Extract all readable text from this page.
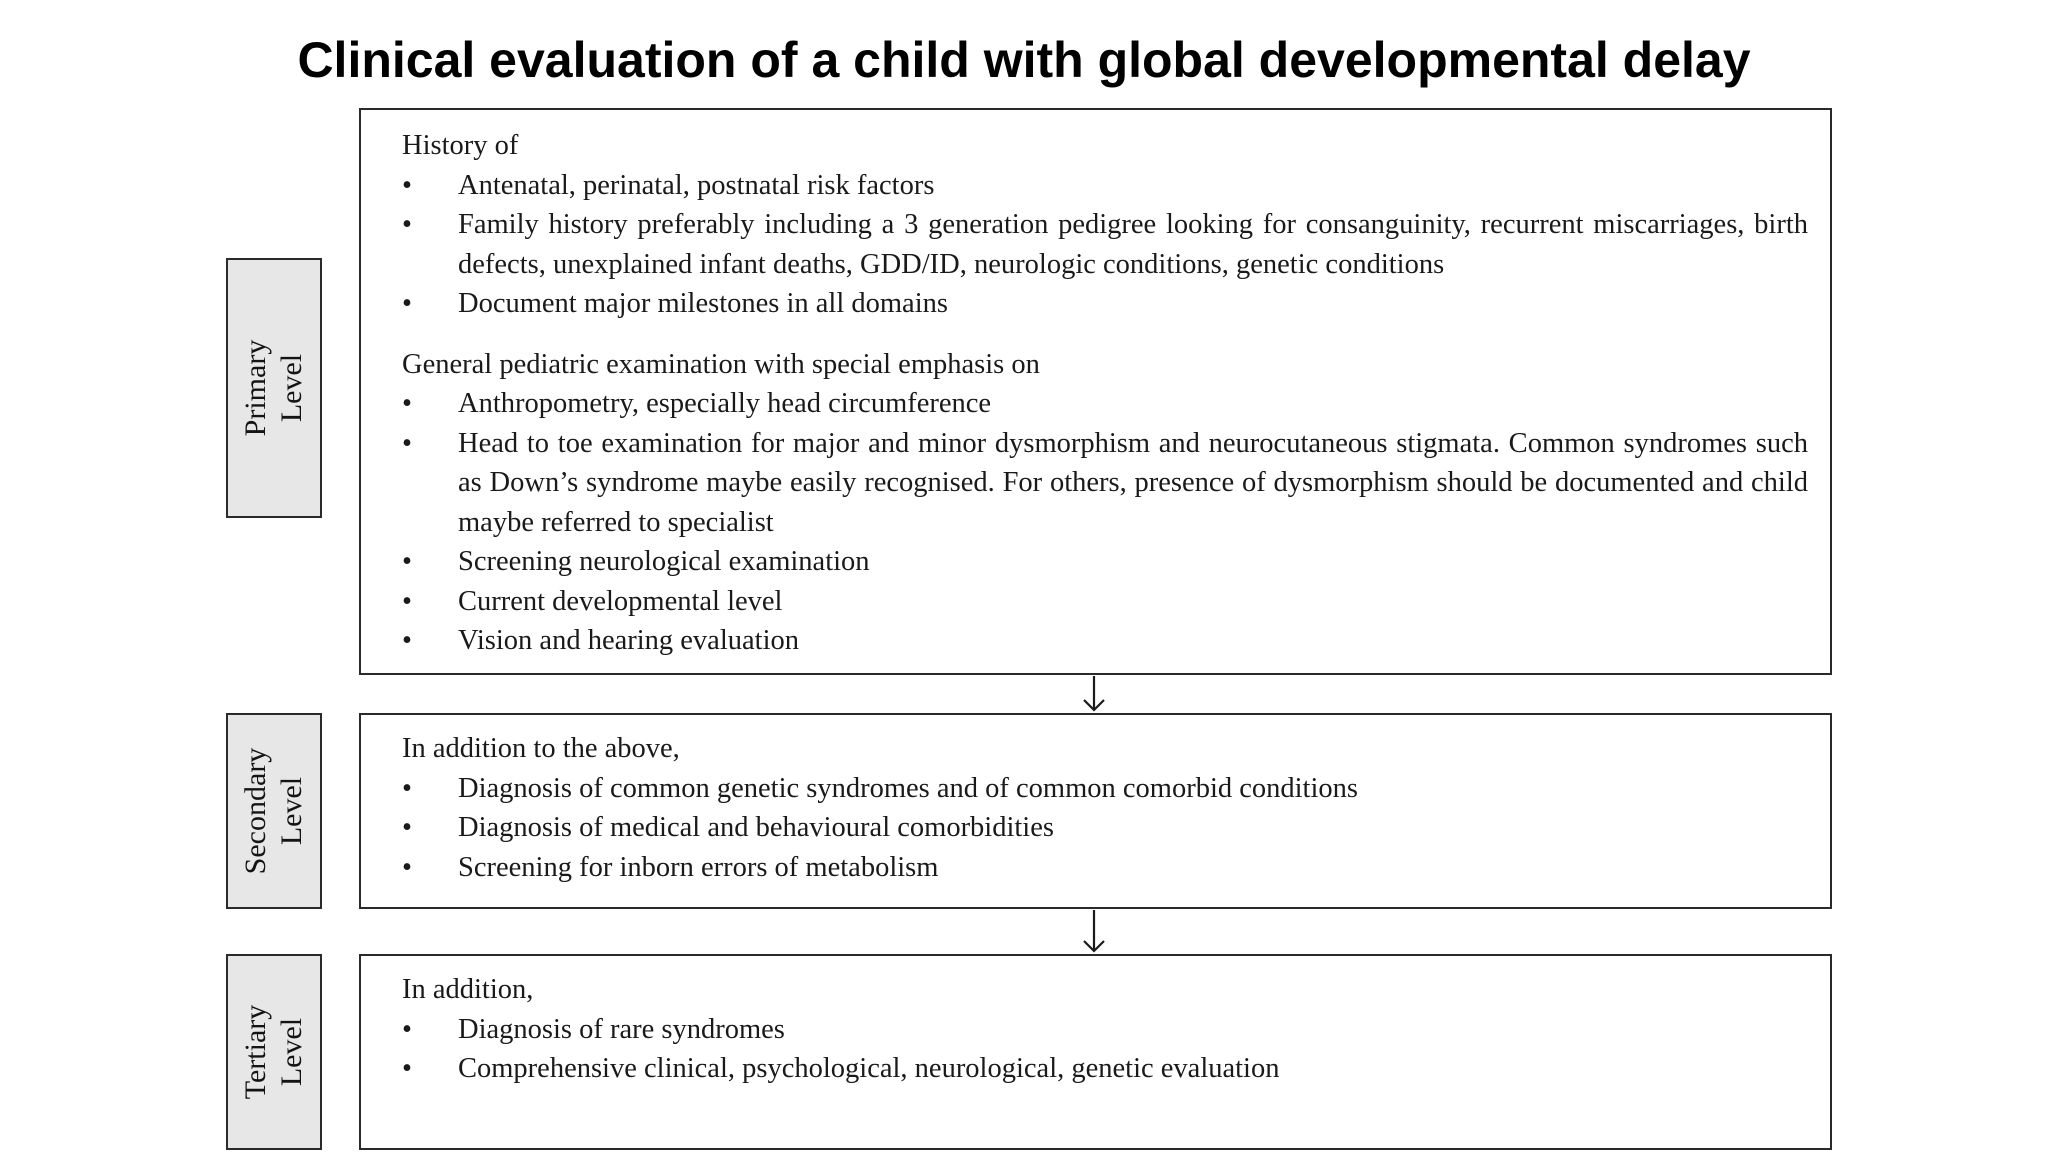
Clinical evaluation of a child with global developmental delay
Primary Level
Secondary Level
Tertiary Level
History of
•	Antenatal, perinatal, postnatal risk factors
•	Family history preferably including a 3 generation pedigree looking for consanguinity, recurrent miscarriages, birth defects, unexplained infant deaths, GDD/ID, neurologic conditions, genetic conditions
•	Document major milestones in all domains
General pediatric examination with special emphasis on
•	Anthropometry, especially head circumference
•	Head to toe examination for major and minor dysmorphism and neurocutaneous stigmata. Common syndromes such as Down’s syndrome maybe easily recognised. For others, presence of dysmorphism should be documented and child maybe referred to specialist
•	Screening neurological examination
•	Current developmental level
•	Vision and hearing evaluation
In addition to the above,
•	Diagnosis of common genetic syndromes and of common comorbid conditions
•	Diagnosis of medical and behavioural comorbidities
•	Screening for inborn errors of metabolism
In addition,
•	Diagnosis of rare syndromes
•	Comprehensive clinical, psychological, neurological, genetic evaluation
